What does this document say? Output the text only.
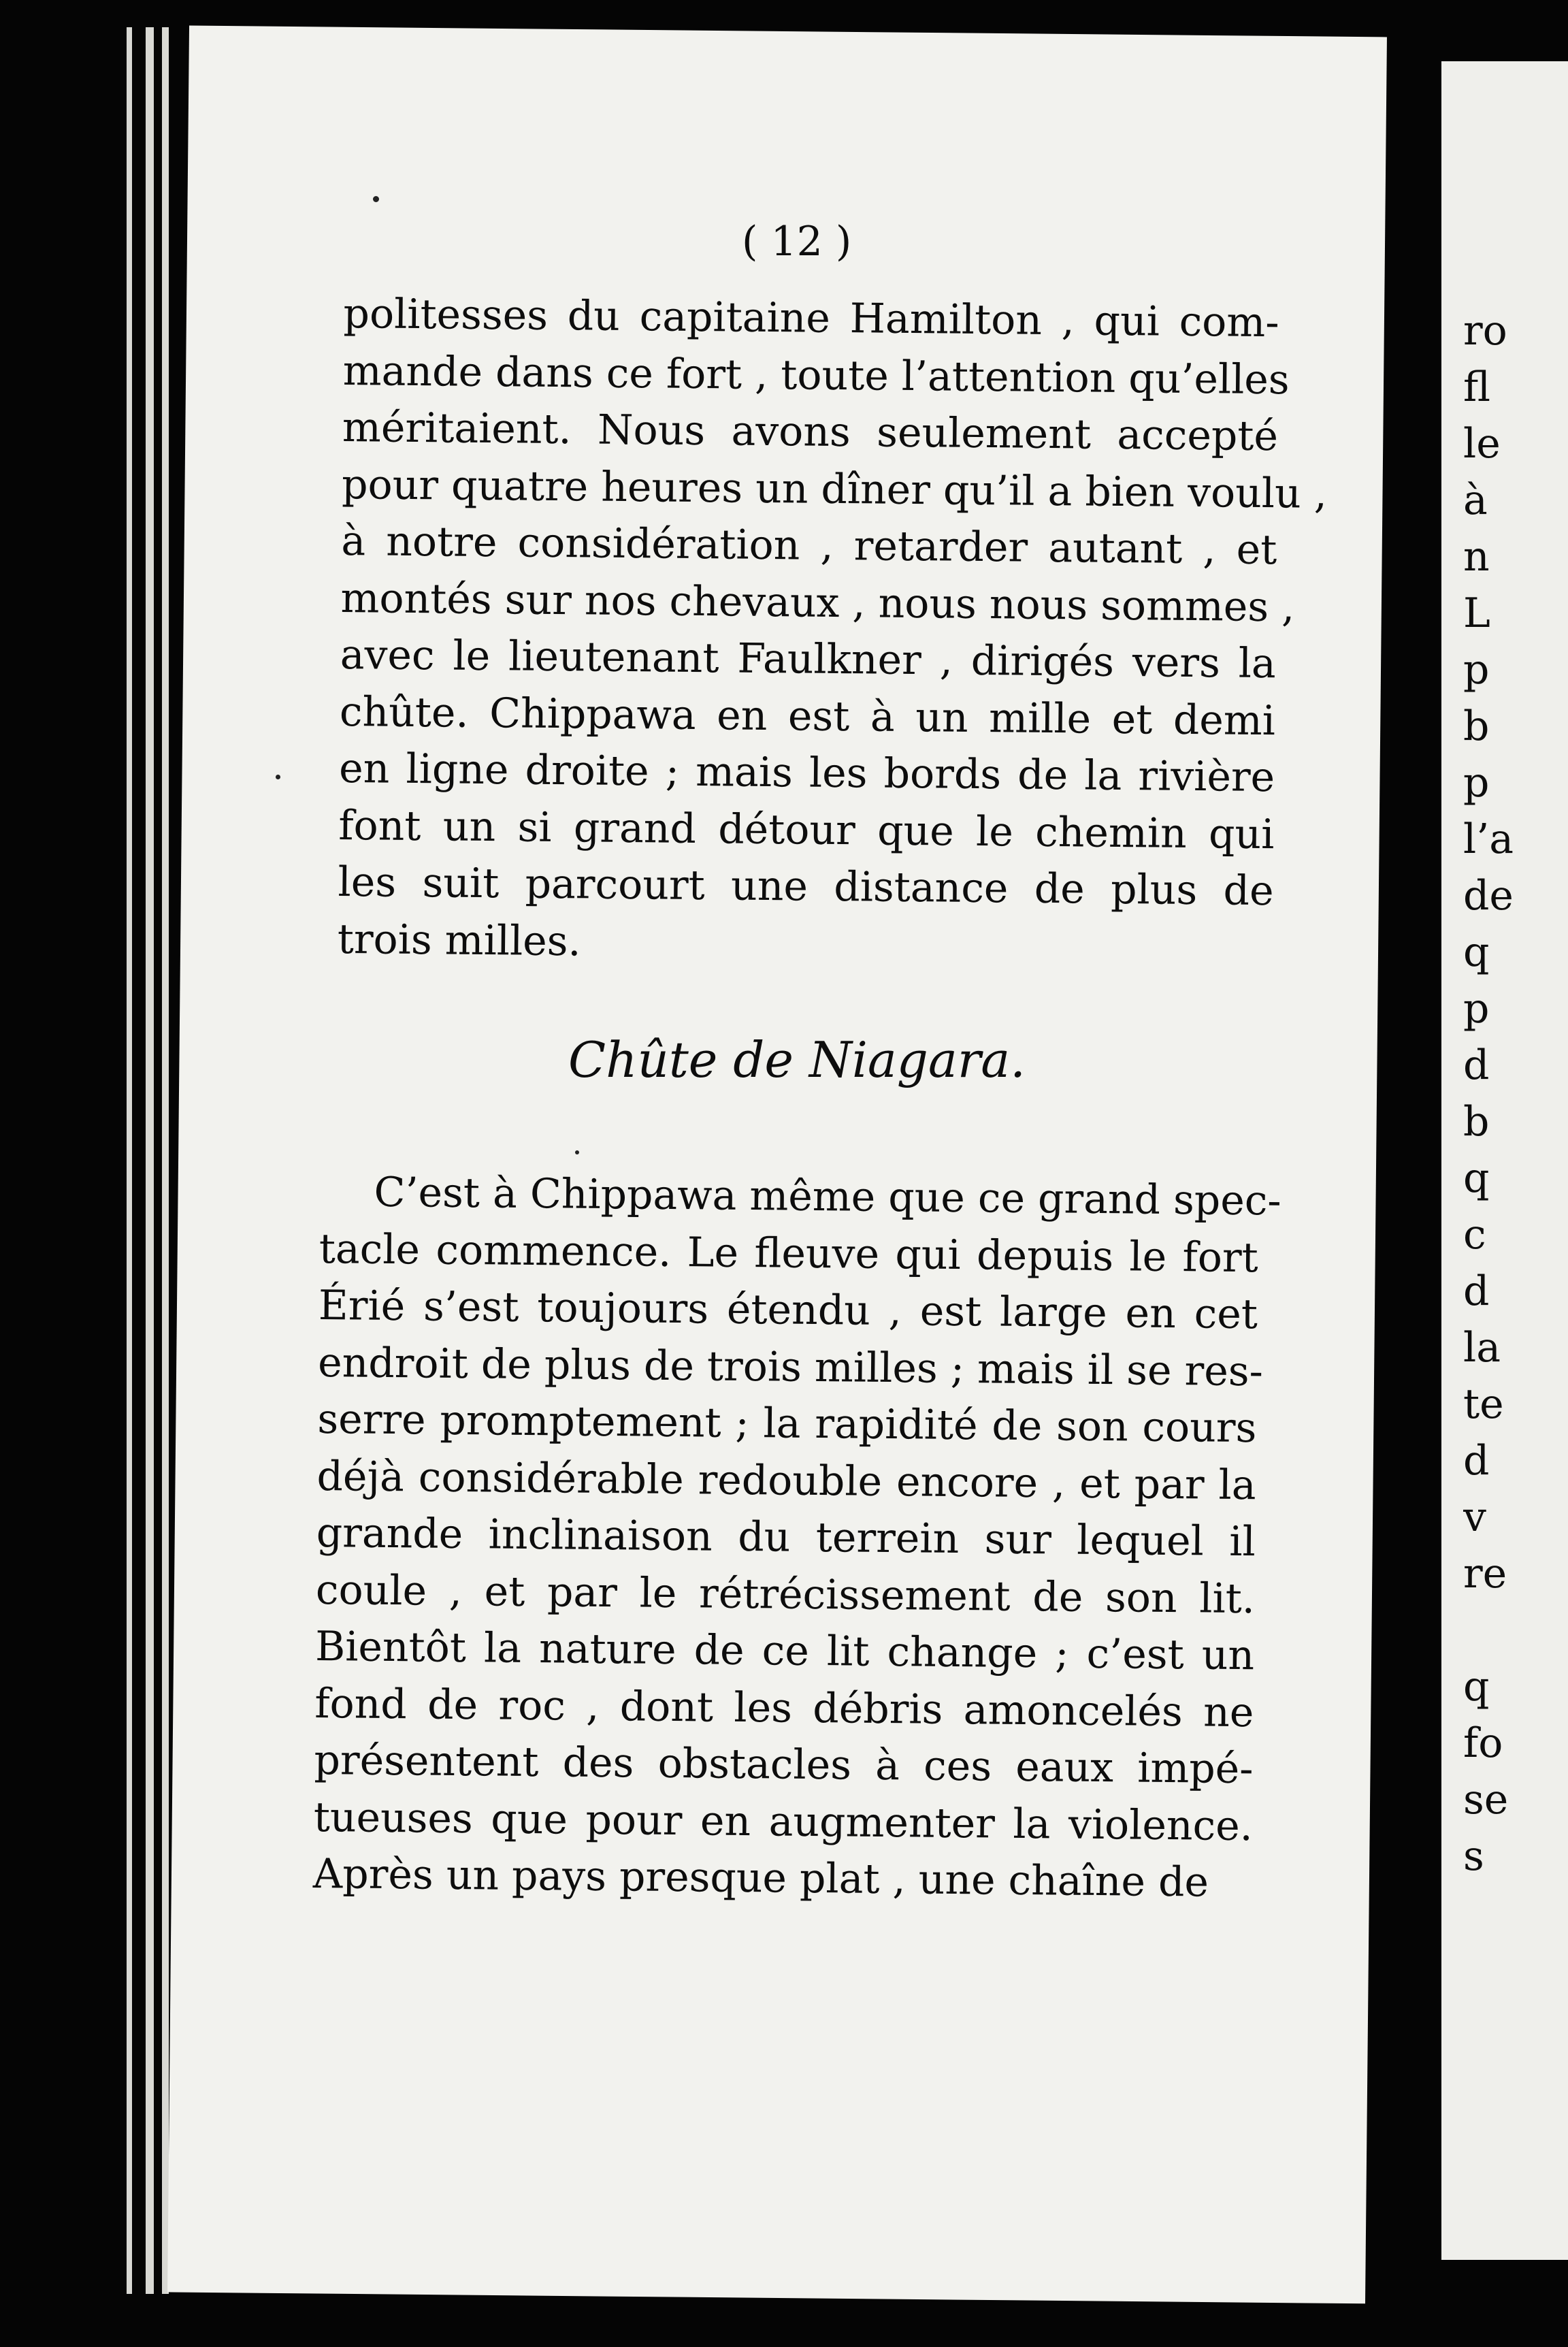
ro
fl
le
à
n
L
p
b
p
l’a
de
q
p
d
b
q
c
d
la
te
d
v
re
q
fo
se
s
( 12 )
politesses du capitaine Hamilton , qui com-
mande dans ce fort , toute l’attention qu’elles
méritaient. Nous avons seulement accepté
pour quatre heures un dîner qu’il a bien voulu ,
à notre considération , retarder autant , et
montés sur nos chevaux , nous nous sommes ,
avec le lieutenant Faulkner , dirigés vers la
chûte. Chippawa en est à un mille et demi
en ligne droite ; mais les bords de la rivière
font un si grand détour que le chemin qui
les suit parcourt une distance de plus de
trois milles.
Chûte de Niagara.
C’est à Chippawa même que ce grand spec-
tacle commence. Le fleuve qui depuis le fort
Érié s’est toujours étendu , est large en cet
endroit de plus de trois milles ; mais il se res-
serre promptement ; la rapidité de son cours
déjà considérable redouble encore , et par la
grande inclinaison du terrein sur lequel il
coule , et par le rétrécissement de son lit.
Bientôt la nature de ce lit change ; c’est un
fond de roc , dont les débris amoncelés ne
présentent des obstacles à ces eaux impé-
tueuses que pour en augmenter la violence.
Après un pays presque plat , une chaîne de
